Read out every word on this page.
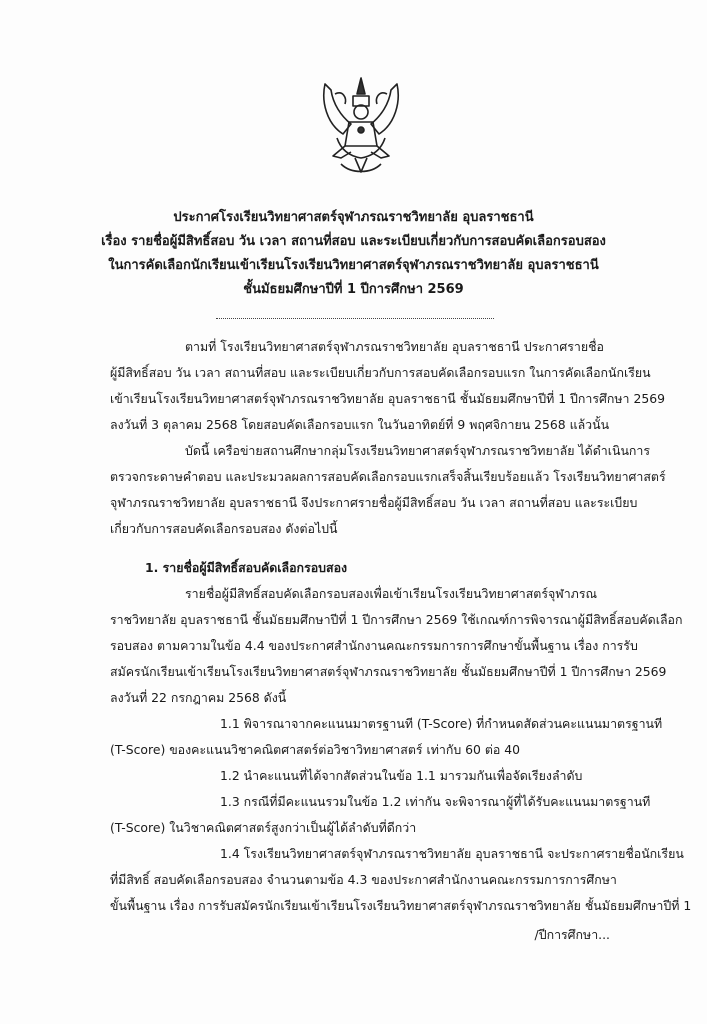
ประกาศโรงเรียนวิทยาศาสตร์จุฬาภรณราชวิทยาลัย อุบลราชธานี
เรื่อง รายชื่อผู้มีสิทธิ์สอบ วัน เวลา สถานที่สอบ และระเบียบเกี่ยวกับการสอบคัดเลือกรอบสอง
ในการคัดเลือกนักเรียนเข้าเรียนโรงเรียนวิทยาศาสตร์จุฬาภรณราชวิทยาลัย อุบลราชธานี
ชั้นมัธยมศึกษาปีที่ 1 ปีการศึกษา 2569
ตามที่ โรงเรียนวิทยาศาสตร์จุฬาภรณราชวิทยาลัย อุบลราชธานี ประกาศรายชื่อ
ผู้มีสิทธิ์สอบ วัน เวลา สถานที่สอบ และระเบียบเกี่ยวกับการสอบคัดเลือกรอบแรก ในการคัดเลือกนักเรียน
เข้าเรียนโรงเรียนวิทยาศาสตร์จุฬาภรณราชวิทยาลัย อุบลราชธานี ชั้นมัธยมศึกษาปีที่ 1 ปีการศึกษา 2569
ลงวันที่ 3 ตุลาคม 2568 โดยสอบคัดเลือกรอบแรก ในวันอาทิตย์ที่ 9 พฤศจิกายน 2568 แล้วนั้น
บัดนี้ เครือข่ายสถานศึกษากลุ่มโรงเรียนวิทยาศาสตร์จุฬาภรณราชวิทยาลัย ได้ดำเนินการ
ตรวจกระดาษคำตอบ และประมวลผลการสอบคัดเลือกรอบแรกเสร็จสิ้นเรียบร้อยแล้ว โรงเรียนวิทยาศาสตร์
จุฬาภรณราชวิทยาลัย อุบลราชธานี จึงประกาศรายชื่อผู้มีสิทธิ์สอบ วัน เวลา สถานที่สอบ และระเบียบ
เกี่ยวกับการสอบคัดเลือกรอบสอง ดังต่อไปนี้
1. รายชื่อผู้มีสิทธิ์สอบคัดเลือกรอบสอง
รายชื่อผู้มีสิทธิ์สอบคัดเลือกรอบสองเพื่อเข้าเรียนโรงเรียนวิทยาศาสตร์จุฬาภรณ
ราชวิทยาลัย อุบลราชธานี ชั้นมัธยมศึกษาปีที่ 1 ปีการศึกษา 2569 ใช้เกณฑ์การพิจารณาผู้มีสิทธิ์สอบคัดเลือก
รอบสอง ตามความในข้อ 4.4 ของประกาศสำนักงานคณะกรรมการการศึกษาขั้นพื้นฐาน เรื่อง การรับ
สมัครนักเรียนเข้าเรียนโรงเรียนวิทยาศาสตร์จุฬาภรณราชวิทยาลัย ชั้นมัธยมศึกษาปีที่ 1 ปีการศึกษา 2569
ลงวันที่ 22 กรกฎาคม 2568 ดังนี้
1.1 พิจารณาจากคะแนนมาตรฐานที (T-Score) ที่กำหนดสัดส่วนคะแนนมาตรฐานที
(T-Score) ของคะแนนวิชาคณิตศาสตร์ต่อวิชาวิทยาศาสตร์ เท่ากับ 60 ต่อ 40
1.2 นำคะแนนที่ได้จากสัดส่วนในข้อ 1.1 มารวมกันเพื่อจัดเรียงลำดับ
1.3 กรณีที่มีคะแนนรวมในข้อ 1.2 เท่ากัน จะพิจารณาผู้ที่ได้รับคะแนนมาตรฐานที
(T-Score) ในวิชาคณิตศาสตร์สูงกว่าเป็นผู้ได้ลำดับที่ดีกว่า
1.4 โรงเรียนวิทยาศาสตร์จุฬาภรณราชวิทยาลัย อุบลราชธานี จะประกาศรายชื่อนักเรียน
ที่มีสิทธิ์ สอบคัดเลือกรอบสอง จำนวนตามข้อ 4.3 ของประกาศสำนักงานคณะกรรมการการศึกษา
ขั้นพื้นฐาน เรื่อง การรับสมัครนักเรียนเข้าเรียนโรงเรียนวิทยาศาสตร์จุฬาภรณราชวิทยาลัย ชั้นมัธยมศึกษาปีที่ 1
/ปีการศึกษา...
